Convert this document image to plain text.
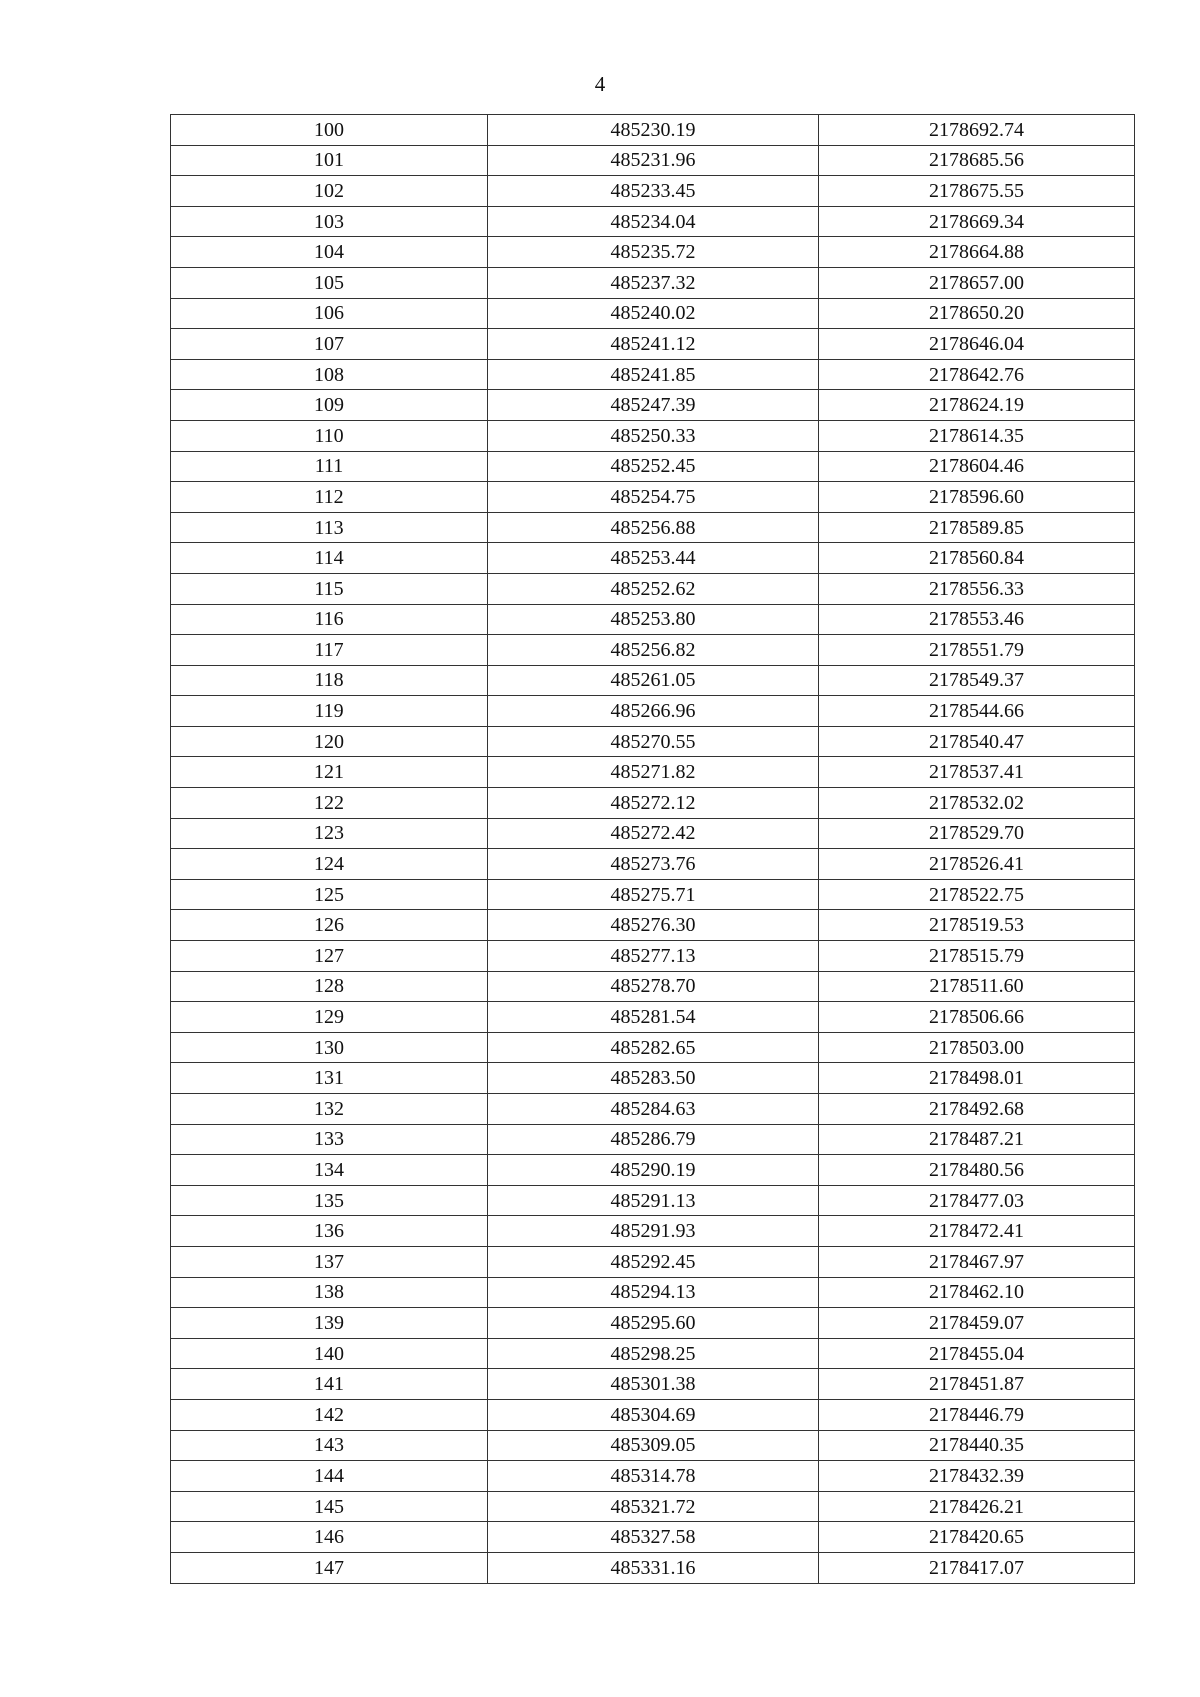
4
100	485230.19	2178692.74
101	485231.96	2178685.56
102	485233.45	2178675.55
103	485234.04	2178669.34
104	485235.72	2178664.88
105	485237.32	2178657.00
106	485240.02	2178650.20
107	485241.12	2178646.04
108	485241.85	2178642.76
109	485247.39	2178624.19
110	485250.33	2178614.35
111	485252.45	2178604.46
112	485254.75	2178596.60
113	485256.88	2178589.85
114	485253.44	2178560.84
115	485252.62	2178556.33
116	485253.80	2178553.46
117	485256.82	2178551.79
118	485261.05	2178549.37
119	485266.96	2178544.66
120	485270.55	2178540.47
121	485271.82	2178537.41
122	485272.12	2178532.02
123	485272.42	2178529.70
124	485273.76	2178526.41
125	485275.71	2178522.75
126	485276.30	2178519.53
127	485277.13	2178515.79
128	485278.70	2178511.60
129	485281.54	2178506.66
130	485282.65	2178503.00
131	485283.50	2178498.01
132	485284.63	2178492.68
133	485286.79	2178487.21
134	485290.19	2178480.56
135	485291.13	2178477.03
136	485291.93	2178472.41
137	485292.45	2178467.97
138	485294.13	2178462.10
139	485295.60	2178459.07
140	485298.25	2178455.04
141	485301.38	2178451.87
142	485304.69	2178446.79
143	485309.05	2178440.35
144	485314.78	2178432.39
145	485321.72	2178426.21
146	485327.58	2178420.65
147	485331.16	2178417.07
